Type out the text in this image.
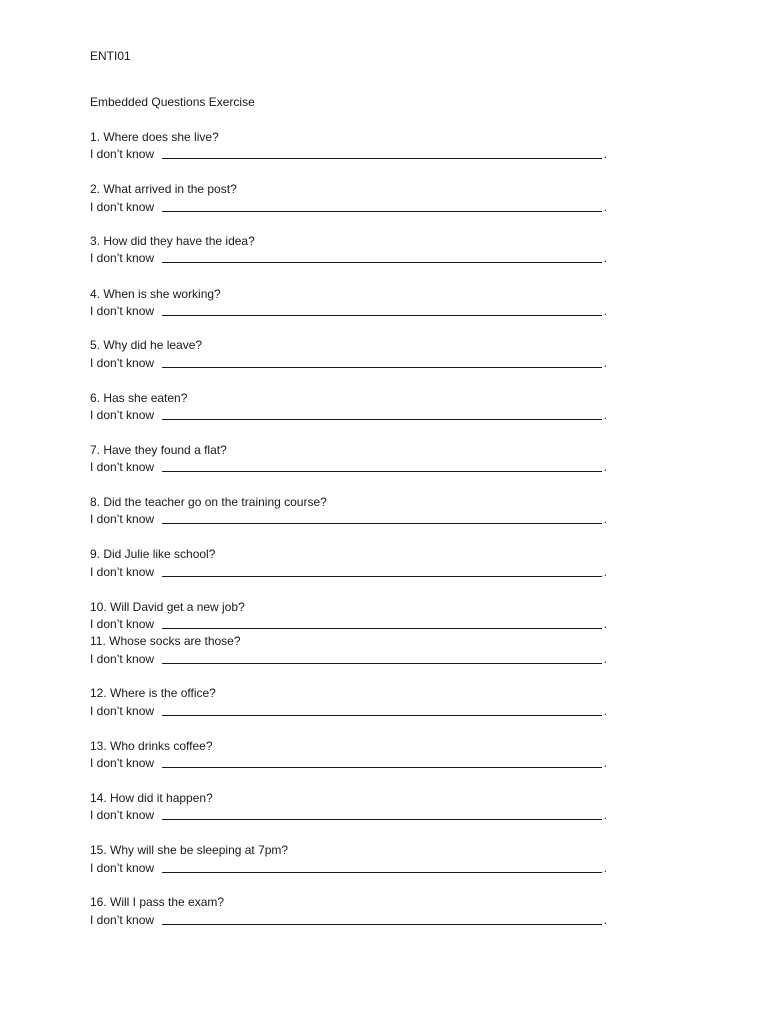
ENTI01
Embedded Questions Exercise
1. Where does she live?
I don’t know	.
2. What arrived in the post?
I don’t know	.
3. How did they have the idea?
I don’t know	.
4. When is she working?
I don’t know	.
5. Why did he leave?
I don’t know	.
6. Has she eaten?
I don’t know	.
7. Have they found a flat?
I don’t know	.
8. Did the teacher go on the training course?
I don’t know	.
9. Did Julie like school?
I don’t know	.
10. Will David get a new job?
I don’t know	.
11. Whose socks are those?
I don’t know	.
12. Where is the office?
I don’t know	.
13. Who drinks coffee?
I don’t know	.
14. How did it happen?
I don’t know	.
15. Why will she be sleeping at 7pm?
I don’t know	.
16. Will I pass the exam?
I don’t know	.
